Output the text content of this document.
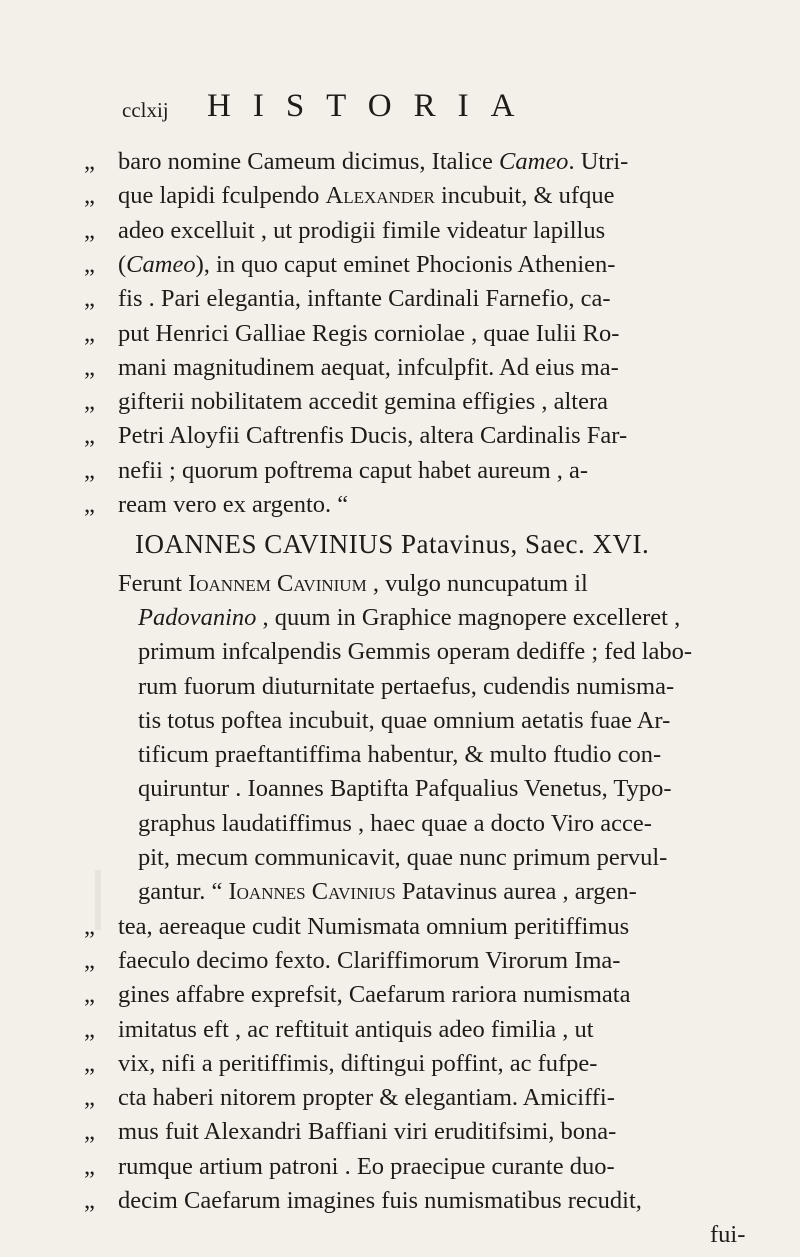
cclxij HISTORIA
„ baro nomine Cameum dicimus, Italice Cameo. Utri-
„ que lapidi fculpendo Alexander incubuit, & ufque
„ adeo excelluit , ut prodigii fimile videatur lapillus
„ (Cameo), in quo caput eminet Phocionis Athenien-
„ fis . Pari elegantia, inftante Cardinali Farnefio, ca-
„ put Henrici Galliae Regis corniolae , quae Iulii Ro-
„ mani magnitudinem aequat, infculpfit. Ad eius ma-
„ gifterii nobilitatem accedit gemina effigies , altera
„ Petri Aloyfii Caftrenfis Ducis, altera Cardinalis Far-
„ nefii ; quorum poftrema caput habet aureum , a-
„ ream vero ex argento. “
IOANNES CAVINIUS Patavinus, Saec. XVI.
Ferunt Ioannem Cavinium , vulgo nuncupatum il
Padovanino , quum in Graphice magnopere excelleret ,
primum infcalpendis Gemmis operam dediffe ; fed labo-
rum fuorum diuturnitate pertaefus, cudendis numisma-
tis totus poftea incubuit, quae omnium aetatis fuae Ar-
tificum praeftantiffima habentur, & multo ftudio con-
quiruntur . Ioannes Baptifta Pafqualius Venetus, Typo-
graphus laudatiffimus , haec quae a docto Viro acce-
pit, mecum communicavit, quae nunc primum pervul-
gantur. “ Ioannes Cavinius Patavinus aurea , argen-
„ tea, aereaque cudit Numismata omnium peritiffimus
„ faeculo decimo fexto. Clariffimorum Virorum Ima-
„ gines affabre exprefsit, Caefarum rariora numismata
„ imitatus eft , ac reftituit antiquis adeo fimilia , ut
„ vix, nifi a peritiffimis, diftingui poffint, ac fufpe-
„ cta haberi nitorem propter & elegantiam. Amiciffi-
„ mus fuit Alexandri Baffiani viri eruditifsimi, bona-
„ rumque artium patroni . Eo praecipue curante duo-
„ decim Caefarum imagines fuis numismatibus recudit,
fui-
